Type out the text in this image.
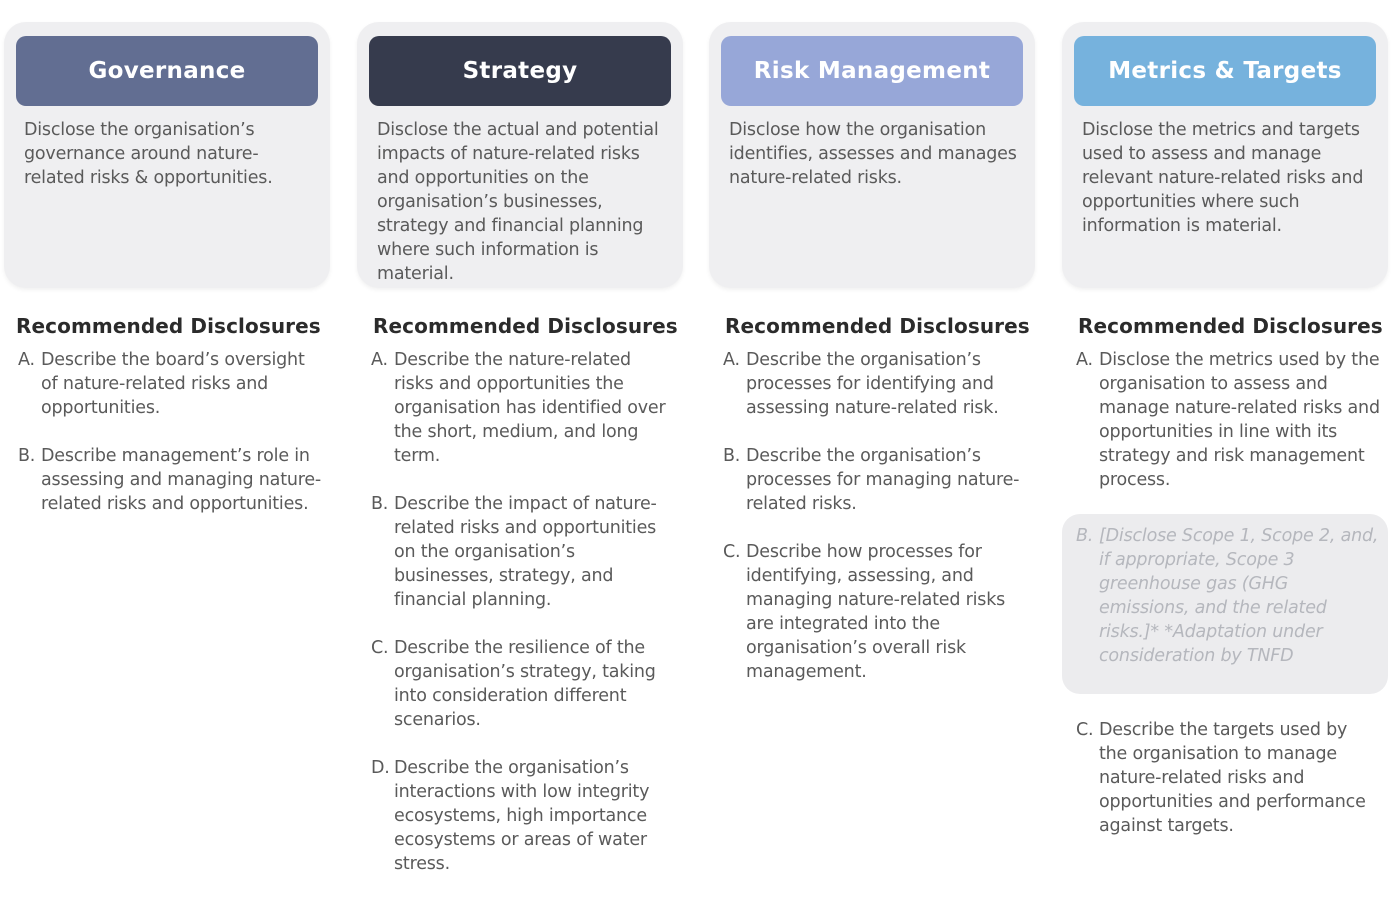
Governance
Disclose the organisation’s governance around nature-related risks & opportunities.
Recommended Disclosures
A. Describe the board’s oversight of nature-related risks and opportunities.
B. Describe management’s role in assessing and managing nature-related risks and opportunities.
Strategy
Disclose the actual and potential impacts of nature-related risks and opportunities on the organisation’s businesses, strategy and financial planning where such information is material.
Recommended Disclosures
A. Describe the nature-related risks and opportunities the organisation has identified over the short, medium, and long term.
B. Describe the impact of nature-related risks and opportunities on the organisation’s businesses, strategy, and financial planning.
C. Describe the resilience of the organisation’s strategy, taking into consideration different scenarios.
D. Describe the organisation’s interactions with low integrity ecosystems, high importance ecosystems or areas of water stress.
Risk Management
Disclose how the organisation identifies, assesses and manages nature-related risks.
Recommended Disclosures
A. Describe the organisation’s processes for identifying and assessing nature-related risk.
B. Describe the organisation’s processes for managing nature-related risks.
C. Describe how processes for identifying, assessing, and managing nature-related risks are integrated into the organisation’s overall risk management.
Metrics & Targets
Disclose the metrics and targets used to assess and manage relevant nature-related risks and opportunities where such information is material.
Recommended Disclosures
A. Disclose the metrics used by the organisation to assess and manage nature-related risks and opportunities in line with its strategy and risk management process.
B. [Disclose Scope 1, Scope 2, and, if appropriate, Scope 3 greenhouse gas (GHG emissions, and the related risks.]* *Adaptation under consideration by TNFD
C. Describe the targets used by the organisation to manage nature-related risks and opportunities and performance against targets.
